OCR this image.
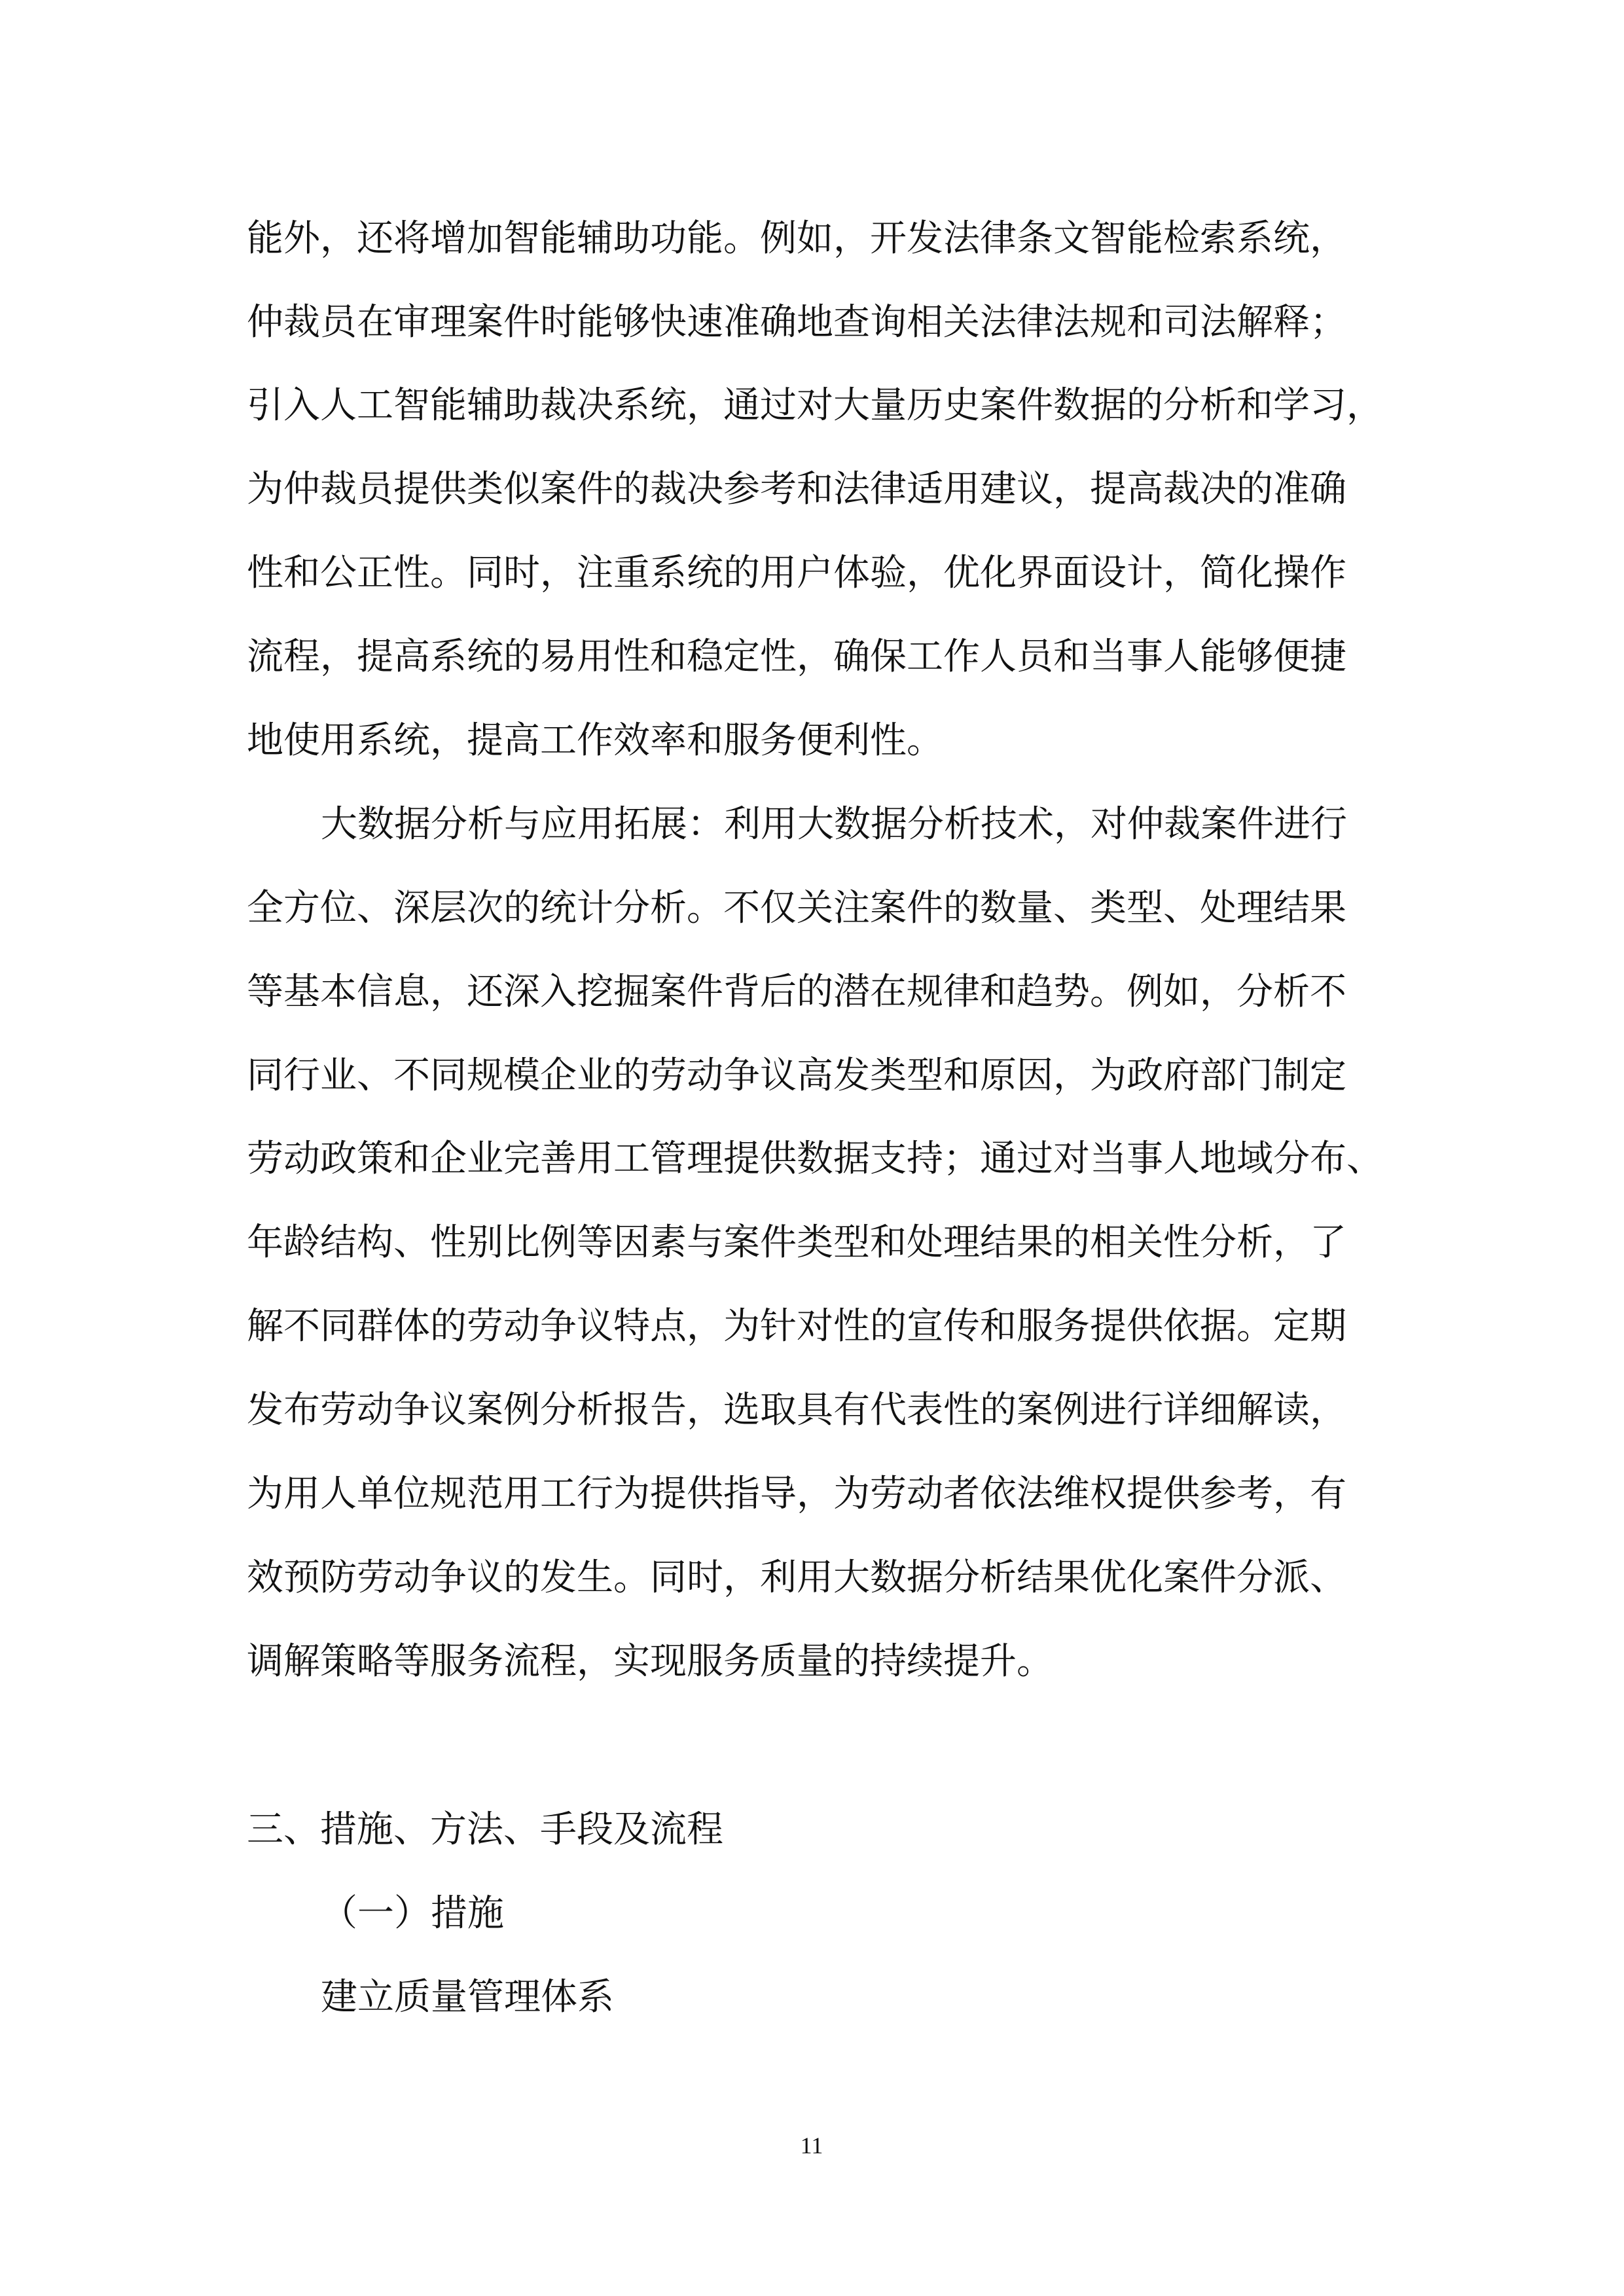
能外，还将增加智能辅助功能。例如，开发法律条文智能检索系统，
仲裁员在审理案件时能够快速准确地查询相关法律法规和司法解释；
引入人工智能辅助裁决系统，通过对大量历史案件数据的分析和学习，
为仲裁员提供类似案件的裁决参考和法律适用建议，提高裁决的准确
性和公正性。同时，注重系统的用户体验，优化界面设计，简化操作
流程，提高系统的易用性和稳定性，确保工作人员和当事人能够便捷
地使用系统，提高工作效率和服务便利性。
大数据分析与应用拓展：利用大数据分析技术，对仲裁案件进行
全方位、深层次的统计分析。不仅关注案件的数量、类型、处理结果
等基本信息，还深入挖掘案件背后的潜在规律和趋势。例如，分析不
同行业、不同规模企业的劳动争议高发类型和原因，为政府部门制定
劳动政策和企业完善用工管理提供数据支持；通过对当事人地域分布、
年龄结构、性别比例等因素与案件类型和处理结果的相关性分析，了
解不同群体的劳动争议特点，为针对性的宣传和服务提供依据。定期
发布劳动争议案例分析报告，选取具有代表性的案例进行详细解读，
为用人单位规范用工行为提供指导，为劳动者依法维权提供参考，有
效预防劳动争议的发生。同时，利用大数据分析结果优化案件分派、
调解策略等服务流程，实现服务质量的持续提升。
三、措施、方法、手段及流程
（一）措施
建立质量管理体系
11
